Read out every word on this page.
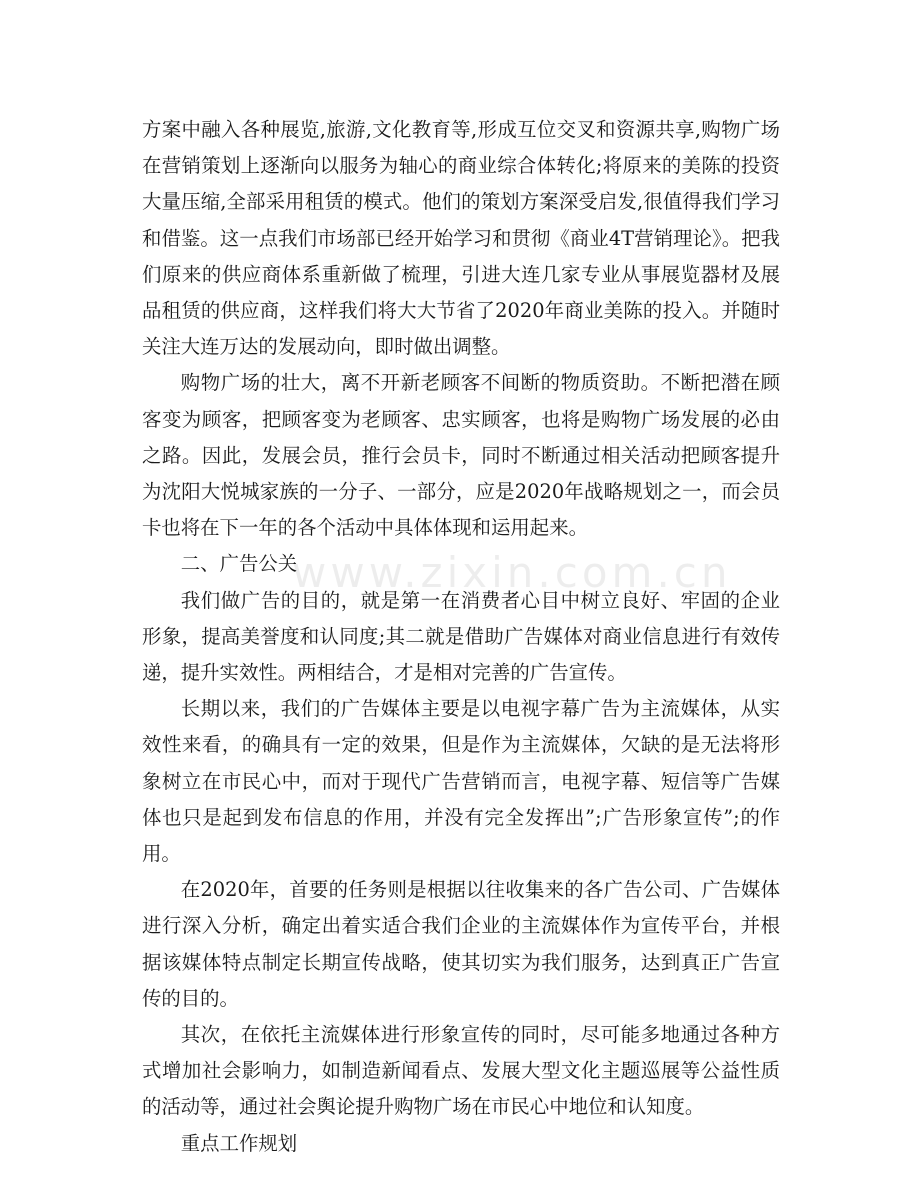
www.zixin.com.cn

方案中融入各种展览,旅游,文化教育等,形成互位交叉和资源共享,购物广场在营销策划上逐渐向以服务为轴心的商业综合体转化;将原来的美陈的投资大量压缩,全部采用租赁的模式。他们的策划方案深受启发,很值得我们学习和借鉴。这一点我们市场部已经开始学习和贯彻《商业4T营销理论》。把我们原来的供应商体系重新做了梳理，引进大连几家专业从事展览器材及展品租赁的供应商，这样我们将大大节省了2020年商业美陈的投入。并随时关注大连万达的发展动向，即时做出调整。

购物广场的壮大，离不开新老顾客不间断的物质资助。不断把潜在顾客变为顾客，把顾客变为老顾客、忠实顾客，也将是购物广场发展的必由之路。因此，发展会员，推行会员卡，同时不断通过相关活动把顾客提升为沈阳大悦城家族的一分子、一部分，应是2020年战略规划之一，而会员卡也将在下一年的各个活动中具体体现和运用起来。

二、广告公关

我们做广告的目的，就是第一在消费者心目中树立良好、牢固的企业形象，提高美誉度和认同度;其二就是借助广告媒体对商业信息进行有效传递，提升实效性。两相结合，才是相对完善的广告宣传。

长期以来，我们的广告媒体主要是以电视字幕广告为主流媒体，从实效性来看，的确具有一定的效果，但是作为主流媒体，欠缺的是无法将形象树立在市民心中，而对于现代广告营销而言，电视字幕、短信等广告媒体也只是起到发布信息的作用，并没有完全发挥出”;广告形象宣传”;的作用。

在2020年，首要的任务则是根据以往收集来的各广告公司、广告媒体进行深入分析，确定出着实适合我们企业的主流媒体作为宣传平台，并根据该媒体特点制定长期宣传战略，使其切实为我们服务，达到真正广告宣传的目的。

其次，在依托主流媒体进行形象宣传的同时，尽可能多地通过各种方式增加社会影响力，如制造新闻看点、发展大型文化主题巡展等公益性质的活动等，通过社会舆论提升购物广场在市民心中地位和认知度。

重点工作规划
